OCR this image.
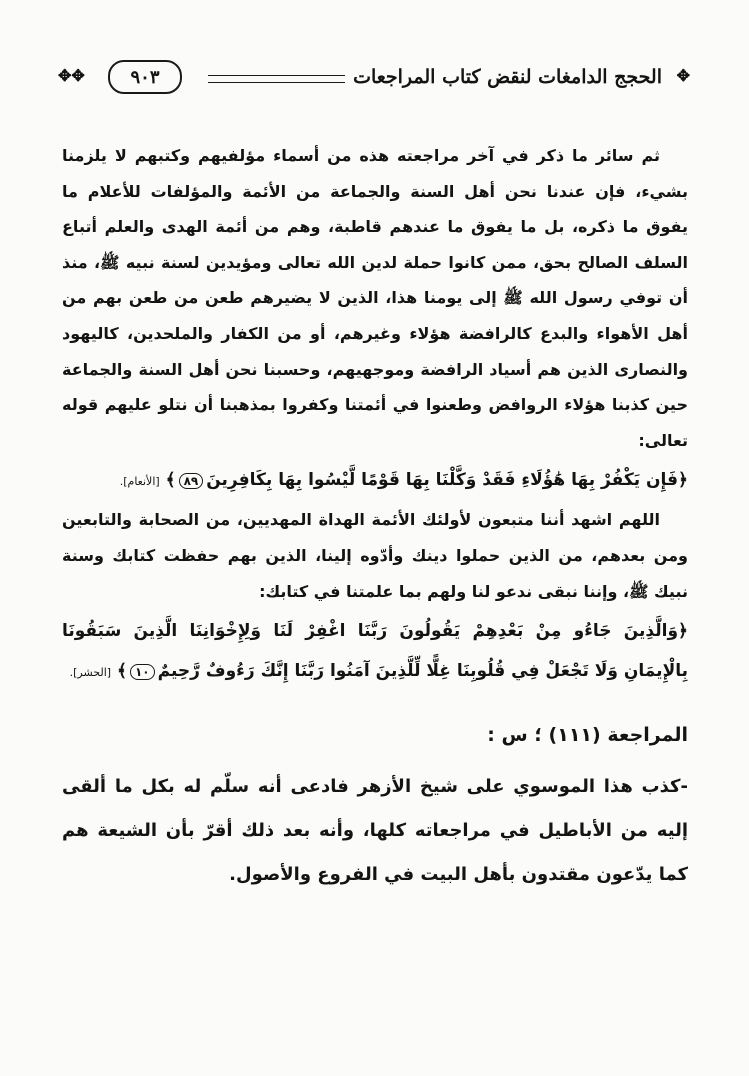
✥✥	٩٠٣	الحجج الدامغات لنقض كتاب المراجعات ✥

ثم سائر ما ذكر في آخر مراجعته هذه من أسماء مؤلفيهم وكتبهم لا يلزمنا بشيء، فإن عندنا نحن أهل السنة والجماعة من الأئمة والمؤلفات للأعلام ما يفوق ما ذكره، بل ما يفوق ما عندهم قاطبة، وهم من أئمة الهدى والعلم أتباع السلف الصالح بحق، ممن كانوا حملة لدين الله تعالى ومؤيدين لسنة نبيه ﷺ، منذ أن توفي رسول الله ﷺ إلى يومنا هذا، الذين لا يضيرهم طعن من طعن بهم من أهل الأهواء والبدع كالرافضة هؤلاء وغيرهم، أو من الكفار والملحدين، كاليهود والنصارى الذين هم أسياد الرافضة وموجهيهم، وحسبنا نحن أهل السنة والجماعة حين كذبنا هؤلاء الروافض وطعنوا في أئمتنا وكفروا بمذهبنا أن نتلو عليهم قوله تعالى:

﴿فَإِن يَكْفُرْ بِهَا هَٰؤُلَاءِ فَقَدْ وَكَّلْنَا بِهَا قَوْمًا لَّيْسُوا بِهَا بِكَافِرِينَ٨٩﴾ [الأنعام].

اللهم اشهد أننا متبعون لأولئك الأئمة الهداة المهديين، من الصحابة والتابعين ومن بعدهم، من الذين حملوا دينك وأدّوه إلينا، الذين بهم حفظت كتابك وسنة نبيك ﷺ، وإننا نبقى ندعو لنا ولهم بما علمتنا في كتابك:

﴿وَالَّذِينَ جَاءُو مِنْ بَعْدِهِمْ يَقُولُونَ رَبَّنَا اغْفِرْ لَنَا وَلِإِخْوَانِنَا الَّذِينَ سَبَقُونَا بِالْإِيمَانِ وَلَا تَجْعَلْ فِي قُلُوبِنَا غِلًّا لِّلَّذِينَ آمَنُوا رَبَّنَا إِنَّكَ رَءُوفٌ رَّحِيمٌ١٠﴾ [الحشر].

المراجعة (١١١) ؛ س :

-كذب هذا الموسوي على شيخ الأزهر فادعى أنه سلّم له بكل ما ألقى إليه من الأباطيل في مراجعاته كلها، وأنه بعد ذلك أقرّ بأن الشيعة هم كما يدّعون مقتدون بأهل البيت في الفروع والأصول.
